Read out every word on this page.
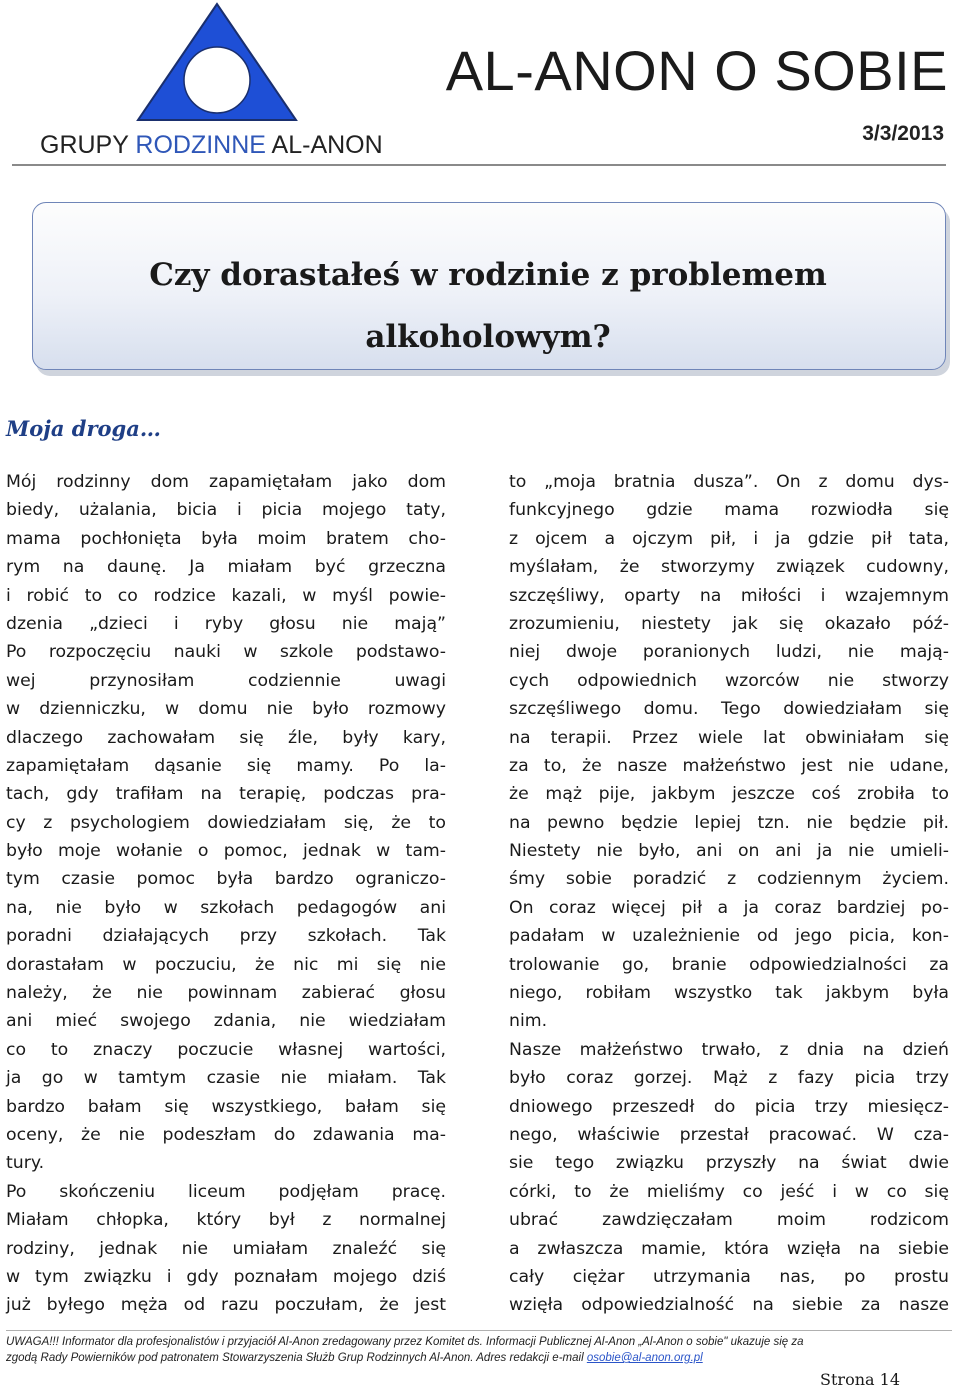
AL-ANON O SOBIE
GRUPY RODZINNE AL-ANON	3/3/2013
Czy dorastałeś w rodzinie z problemem
alkoholowym?
Moja droga…
Mój rodzinny dom zapamiętałam jako dom
biedy, użalania, bicia i picia mojego taty,
mama pochłonięta była moim bratem cho-
rym na daunę. Ja miałam być grzeczna
i robić to co rodzice kazali, w myśl powie-
dzenia „dzieci i ryby głosu nie mają”
Po rozpoczęciu nauki w szkole podstawo-
wej przynosiłam codziennie uwagi
w dzienniczku, w domu nie było rozmowy
dlaczego zachowałam się źle, były kary,
zapamiętałam dąsanie się mamy. Po la-
tach, gdy trafiłam na terapię, podczas pra-
cy z psychologiem dowiedziałam się, że to
było moje wołanie o pomoc, jednak w tam-
tym czasie pomoc była bardzo ograniczo-
na, nie było w szkołach pedagogów ani
poradni działających przy szkołach. Tak
dorastałam w poczuciu, że nic mi się nie
należy, że nie powinnam zabierać głosu
ani mieć swojego zdania, nie wiedziałam
co to znaczy poczucie własnej wartości,
ja go w tamtym czasie nie miałam. Tak
bardzo bałam się wszystkiego, bałam się
oceny, że nie podeszłam do zdawania ma-
tury.
Po skończeniu liceum podjęłam pracę.
Miałam chłopka, który był z normalnej
rodziny, jednak nie umiałam znaleźć się
w tym związku i gdy poznałam mojego dziś
już byłego męża od razu poczułam, że jest
to „moja bratnia dusza”. On z domu dys-
funkcyjnego gdzie mama rozwiodła się
z ojcem a ojczym pił, i ja gdzie pił tata,
myślałam, że stworzymy związek cudowny,
szczęśliwy, oparty na miłości i wzajemnym
zrozumieniu, niestety jak się okazało póź-
niej dwoje poranionych ludzi, nie mają-
cych odpowiednich wzorców nie stworzy
szczęśliwego domu. Tego dowiedziałam się
na terapii. Przez wiele lat obwiniałam się
za to, że nasze małżeństwo jest nie udane,
że mąż pije, jakbym jeszcze coś zrobiła to
na pewno będzie lepiej tzn. nie będzie pił.
Niestety nie było, ani on ani ja nie umieli-
śmy sobie poradzić z codziennym życiem.
On coraz więcej pił a ja coraz bardziej po-
padałam w uzależnienie od jego picia, kon-
trolowanie go, branie odpowiedzialności za
niego, robiłam wszystko tak jakbym była
nim.
Nasze małżeństwo trwało, z dnia na dzień
było coraz gorzej. Mąż z fazy picia trzy
dniowego przeszedł do picia trzy miesięcz-
nego, właściwie przestał pracować. W cza-
sie tego związku przyszły na świat dwie
córki, to że mieliśmy co jeść i w co się
ubrać zawdzięczałam moim rodzicom
a zwłaszcza mamie, która wzięła na siebie
cały ciężar utrzymania nas, po prostu
wzięła odpowiedzialność na siebie za nasze
UWAGA!!! Informator dla profesjonalistów i przyjaciół Al-Anon zredagowany przez Komitet ds. Informacji Publicznej Al-Anon „Al-Anon o sobie" ukazuje się za
zgodą Rady Powierników pod patronatem Stowarzyszenia Służb Grup Rodzinnych Al-Anon. Adres redakcji e-mail osobie@al-anon.org.pl
Strona 14
